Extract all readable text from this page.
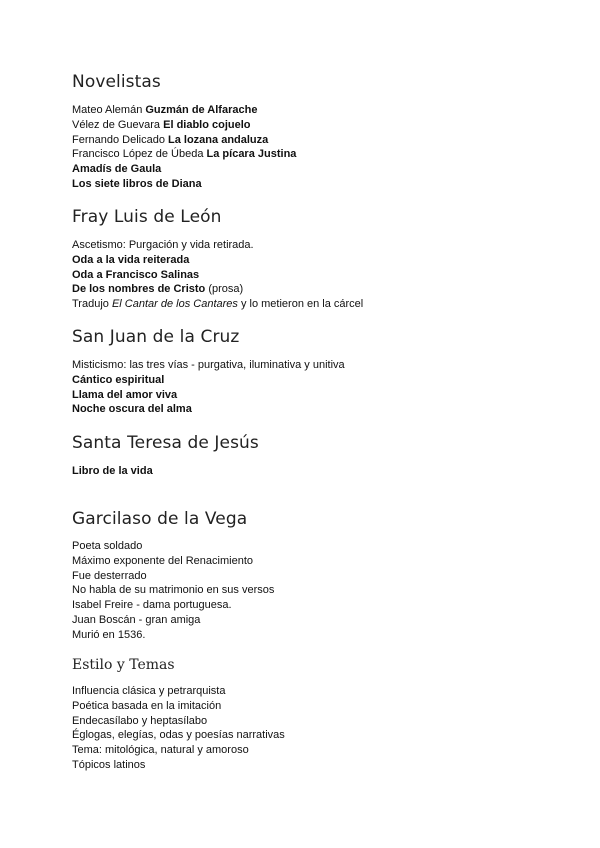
Novelistas
Mateo Alemán Guzmán de Alfarache
Vélez de Guevara El diablo cojuelo
Fernando Delicado La lozana andaluza
Francisco López de Úbeda La pícara Justina
Amadís de Gaula
Los siete libros de Diana
Fray Luis de León
Ascetismo: Purgación y vida retirada.
Oda a la vida reiterada
Oda a Francisco Salinas
De los nombres de Cristo (prosa)
Tradujo El Cantar de los Cantares y lo metieron en la cárcel
San Juan de la Cruz
Misticismo: las tres vías - purgativa, iluminativa y unitiva
Cántico espiritual
Llama del amor viva
Noche oscura del alma
Santa Teresa de Jesús
Libro de la vida
Garcilaso de la Vega
Poeta soldado
Máximo exponente del Renacimiento
Fue desterrado
No habla de su matrimonio en sus versos
Isabel Freire - dama portuguesa.
Juan Boscán - gran amiga
Murió en 1536.
Estilo y Temas
Influencia clásica y petrarquista
Poética basada en la imitación
Endecasílabo y heptasílabo
Églogas, elegías, odas y poesías narrativas
Tema: mitológica, natural y amoroso
Tópicos latinos
